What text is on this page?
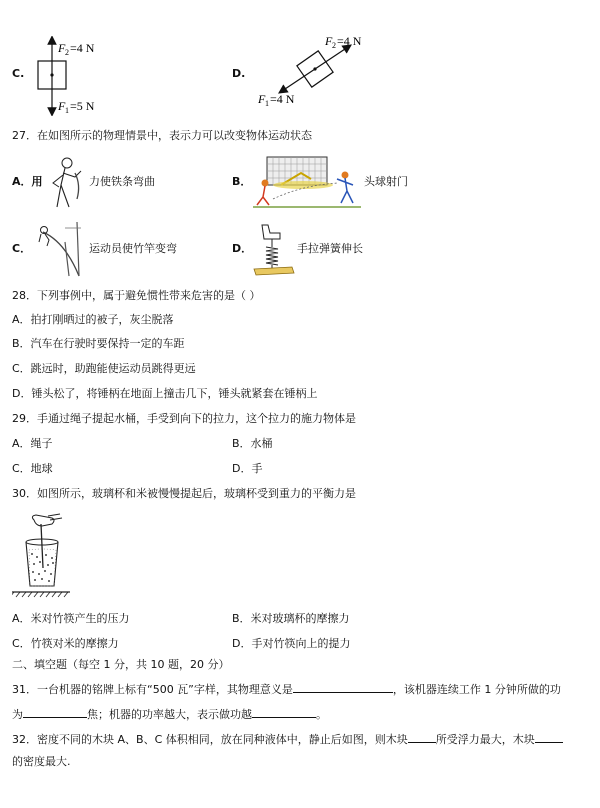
C.
F 2 =4 N
F 1 =5 N
D.
F 2 =4 N
F 1 =4 N
27．在如图所示的物理情景中，表示力可以改变物体运动状态
A．用	力使铁条弯曲	B．	头球射门
C．	运动员使竹竿变弯	D．	手拉弹簧伸长
28．下列事例中，属于避免惯性带来危害的是（ ）
A．拍打刚晒过的被子，灰尘脱落
B．汽车在行驶时要保持一定的车距
C．跳远时，助跑能使运动员跳得更远
D．锤头松了，将锤柄在地面上撞击几下，锤头就紧套在锤柄上
29．手通过绳子提起水桶，手受到向下的拉力，这个拉力的施力物体是
A．绳子	B．水桶
C．地球	D．手
30．如图所示，玻璃杯和米被慢慢提起后，玻璃杯受到重力的平衡力是
A．米对竹筷产生的压力	B．米对玻璃杯的摩擦力
C．竹筷对米的摩擦力	D．手对竹筷向上的提力
二、填空题（每空 1 分，共 10 题，20 分）
31．一台机器的铭牌上标有“500 瓦”字样，其物理意义是	，该机器连续工作 1 分钟所做的功
为	焦；机器的功率越大，表示做功越	。
32．密度不同的木块 A、B、C 体积相同，放在同种液体中，静止后如图，则木块	所受浮力最大，木块
的密度最大.
